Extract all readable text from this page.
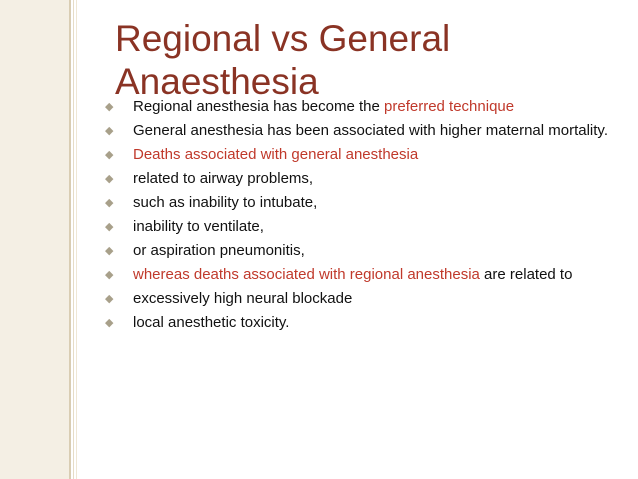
Regional vs General
Anaesthesia
◆	Regional anesthesia has become the preferred technique
◆	General anesthesia has been associated with higher maternal mortality.
◆	Deaths associated with general anesthesia
◆	related to airway problems,
◆	such as inability to intubate,
◆	inability to ventilate,
◆	or aspiration pneumonitis,
◆	whereas deaths associated with regional anesthesia are related to
◆	excessively high neural blockade
◆	local anesthetic toxicity.
